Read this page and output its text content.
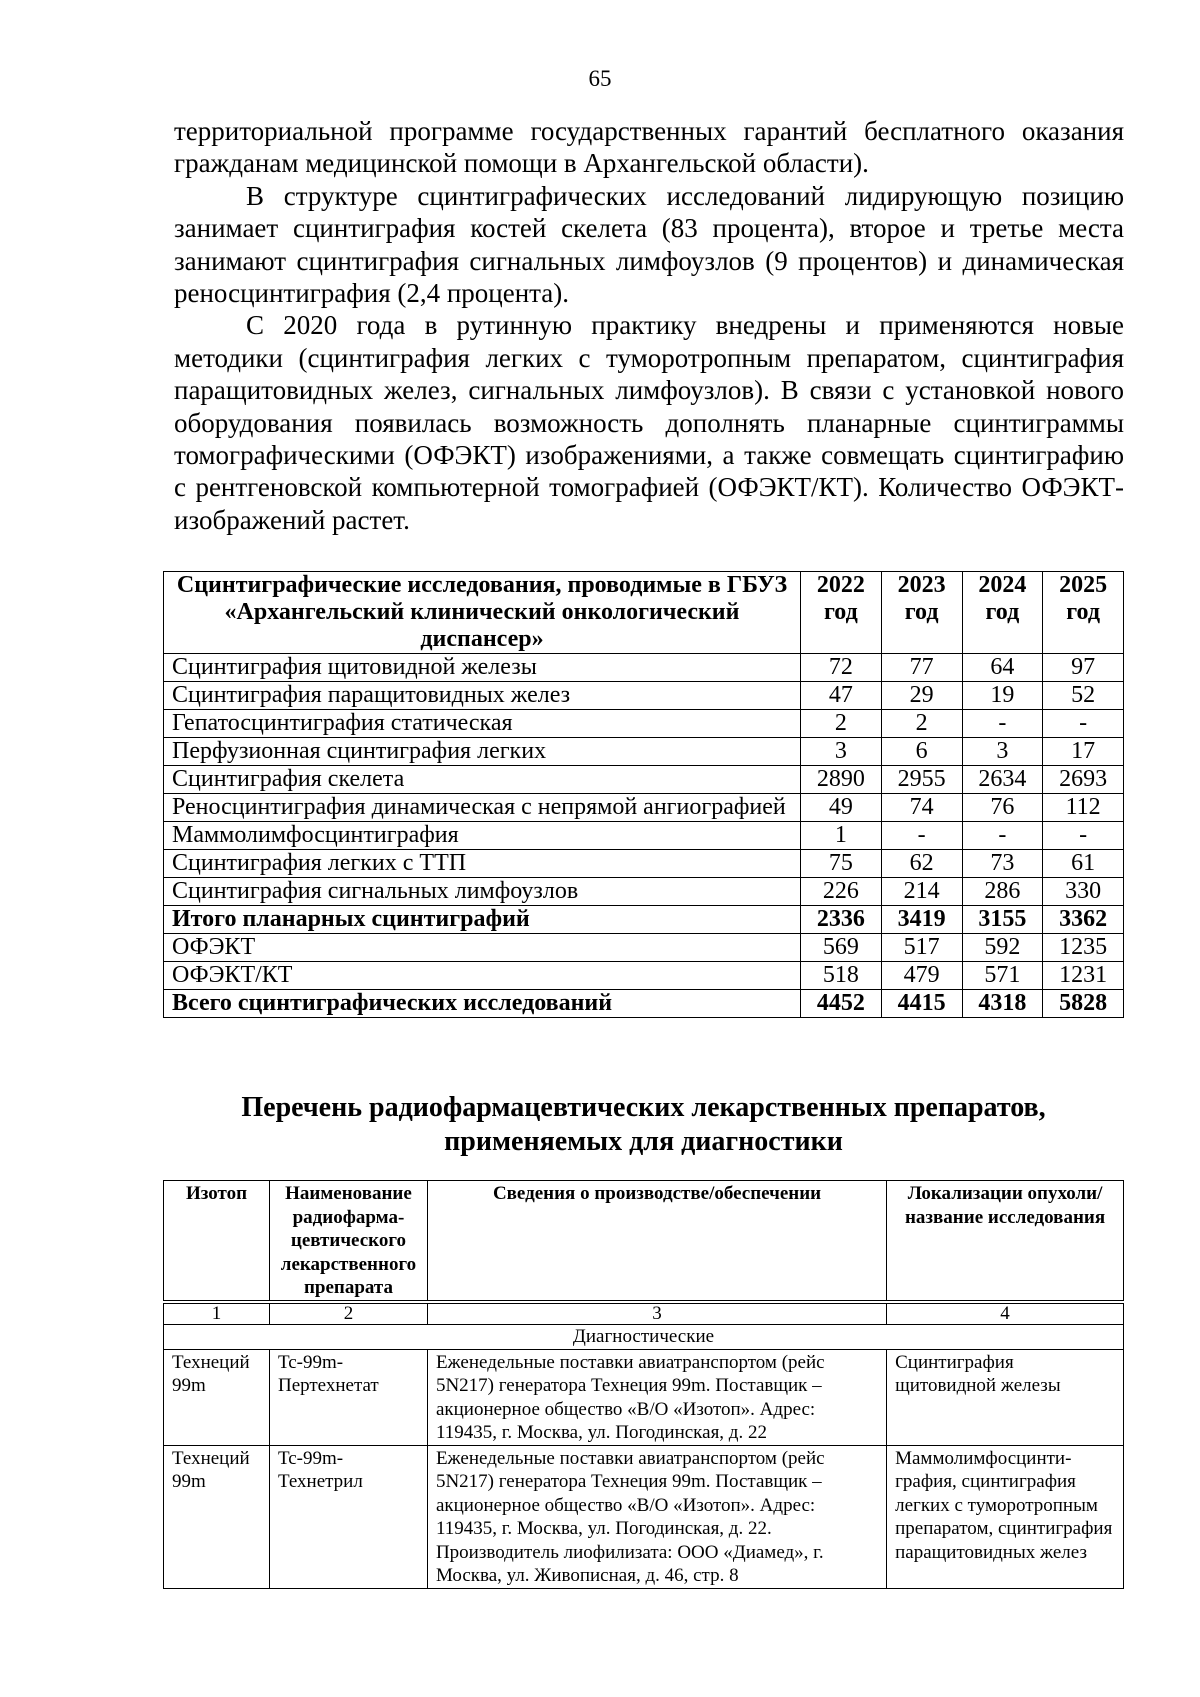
65

территориальной программе государственных гарантий бесплатного оказания гражданам медицинской помощи в Архангельской области).

В структуре сцинтиграфических исследований лидирующую позицию занимает сцинтиграфия костей скелета (83 процента), второе и третье места занимают сцинтиграфия сигнальных лимфоузлов (9 процентов) и динамическая реносцинтиграфия (2,4 процента).

С 2020 года в рутинную практику внедрены и применяются новые методики (сцинтиграфия легких с туморотропным препаратом, сцинтиграфия паращитовидных желез, сигнальных лимфоузлов). В связи с установкой нового оборудования появилась возможность дополнять планарные сцинтиграммы томографическими (ОФЭКТ) изображениями, а также совмещать сцинтиграфию с рентгеновской компьютерной томографией (ОФЭКТ/КТ). Количество ОФЭКТ-изображений растет.

Сцинтиграфические исследования, проводимые в ГБУЗ «Архангельский клинический онкологический диспансер»	2022 год	2023 год	2024 год	2025 год
Сцинтиграфия щитовидной железы	72	77	64	97
Сцинтиграфия паращитовидных желез	47	29	19	52
Гепатосцинтиграфия статическая	2	2	-	-
Перфузионная сцинтиграфия легких	3	6	3	17
Сцинтиграфия скелета	2890	2955	2634	2693
Реносцинтиграфия динамическая с непрямой ангиографией	49	74	76	112
Маммолимфосцинтиграфия	1	-	-	-
Сцинтиграфия легких с ТТП	75	62	73	61
Сцинтиграфия сигнальных лимфоузлов	226	214	286	330
Итого планарных сцинтиграфий	2336	3419	3155	3362
ОФЭКТ	569	517	592	1235
ОФЭКТ/КТ	518	479	571	1231
Всего сцинтиграфических исследований	4452	4415	4318	5828
Перечень радиофармацевтических лекарственных препаратов,
применяемых для диагностики
Изотоп	Наименование радиофарма-цевтического лекарственного препарата	Сведения о производстве/обеспечении	Локализации опухоли/ название исследования

1	2	3	4
Диагностические			
Технеций 99m	Tc-99m-Пертехнетат	Еженедельные поставки авиатранспортом (рейс 5N217) генератора Технеция 99m. Поставщик – акционерное общество «В/О «Изотоп». Адрес: 119435, г. Москва, ул. Погодинская, д. 22	Сцинтиграфия щитовидной железы
Технеций 99m	Tc-99m-Технетрил	Еженедельные поставки авиатранспортом (рейс 5N217) генератора Технеция 99m. Поставщик – акционерное общество «В/О «Изотоп». Адрес: 119435, г. Москва, ул. Погодинская, д. 22. Производитель лиофилизата: ООО «Диамед», г. Москва, ул. Живописная, д. 46, стр. 8	Маммолимфосцинти-графия, сцинтиграфия легких с туморотропным препаратом, сцинтиграфия паращитовидных желез
